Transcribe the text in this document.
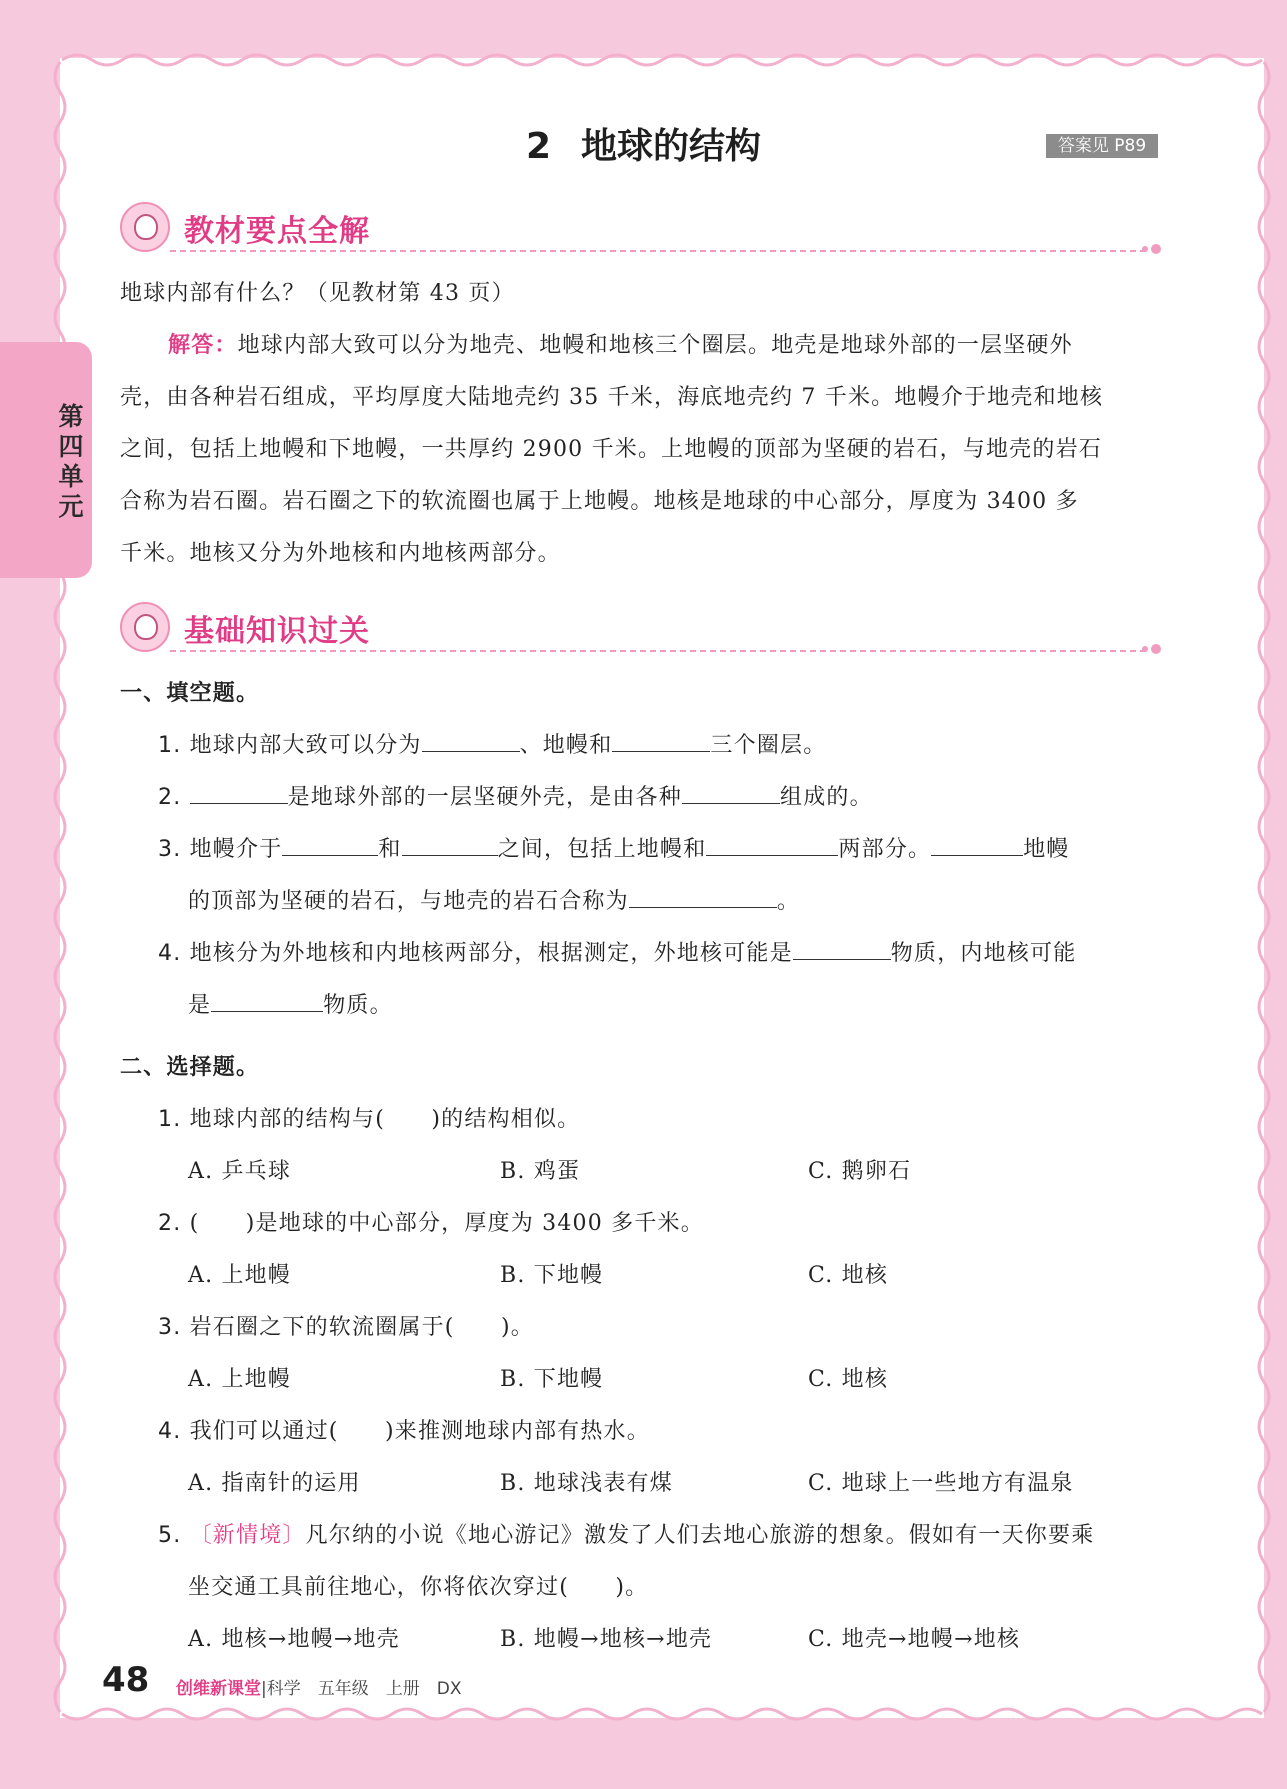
第
四
单
元
2 地球的结构	答案见 P89
教材要点全解
地球内部有什么？（见教材第 43 页）
解答：地球内部大致可以分为地壳、地幔和地核三个圈层。地壳是地球外部的一层坚硬外
壳，由各种岩石组成，平均厚度大陆地壳约 35 千米，海底地壳约 7 千米。地幔介于地壳和地核
之间，包括上地幔和下地幔，一共厚约 2900 千米。上地幔的顶部为坚硬的岩石，与地壳的岩石
合称为岩石圈。岩石圈之下的软流圈也属于上地幔。地核是地球的中心部分，厚度为 3400 多
千米。地核又分为外地核和内地核两部分。
基础知识过关
一、填空题。
1. 地球内部大致可以分为	、地幔和	三个圈层。
2.	是地球外部的一层坚硬外壳，是由各种	组成的。
3. 地幔介于	和	之间，包括上地幔和	两部分。	地幔
的顶部为坚硬的岩石，与地壳的岩石合称为	。
4. 地核分为外地核和内地核两部分，根据测定，外地核可能是	物质，内地核可能
是	物质。
二、选择题。
1. 地球内部的结构与(　　)的结构相似。
A. 乒乓球	B. 鸡蛋	C. 鹅卵石
2. (　　)是地球的中心部分，厚度为 3400 多千米。
A. 上地幔	B. 下地幔	C. 地核
3. 岩石圈之下的软流圈属于(　　)。
A. 上地幔	B. 下地幔	C. 地核
4. 我们可以通过(　　)来推测地球内部有热水。
A. 指南针的运用	B. 地球浅表有煤	C. 地球上一些地方有温泉
5. 〔新情境〕凡尔纳的小说《地心游记》激发了人们去地心旅游的想象。假如有一天你要乘
坐交通工具前往地心，你将依次穿过(　　)。
A. 地核→地幔→地壳	B. 地幔→地核→地壳	C. 地壳→地幔→地核
48 创维新课堂|科学　五年级　上册　DX
